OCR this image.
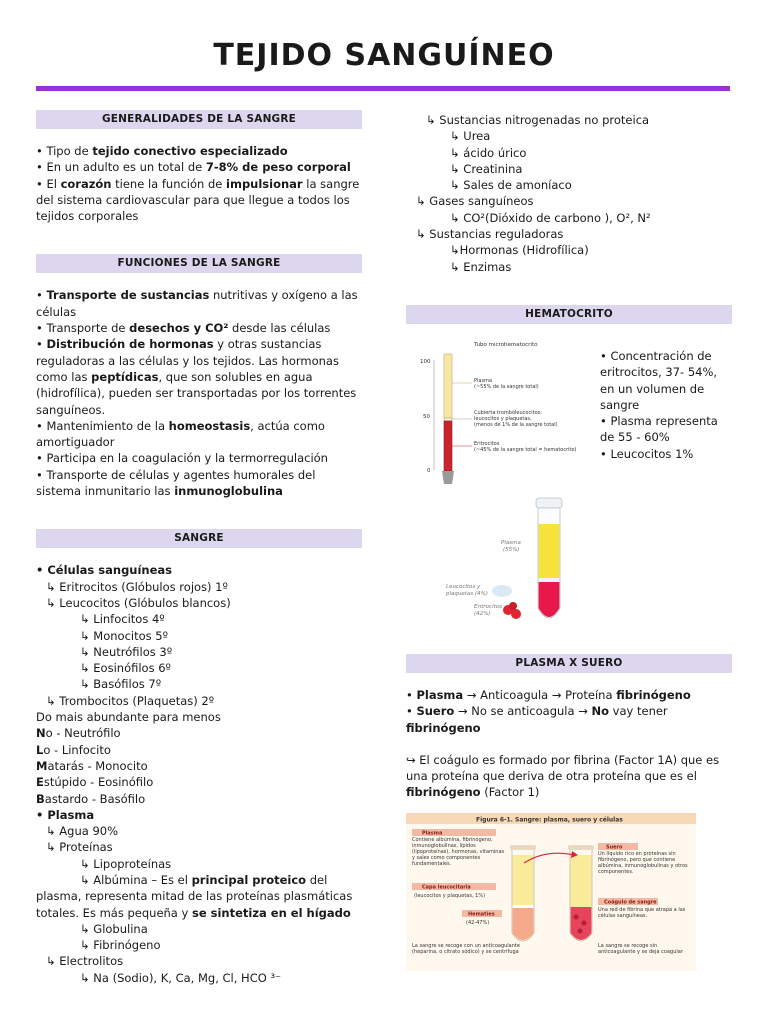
TEJIDO SANGUÍNEO
GENERALIDADES DE LA SANGRE
• Tipo de tejido conectivo especializado
• En un adulto es un total de 7-8% de peso corporal
• El corazón tiene la función de impulsionar la sangre del sistema cardiovascular para que llegue a todos los tejidos corporales
FUNCIONES DE LA SANGRE
• Transporte de sustancias nutritivas y oxígeno a las células
• Transporte de desechos y CO² desde las células
• Distribución de hormonas y otras sustancias reguladoras a las células y los tejidos. Las hormonas como las peptídicas, que son solubles en agua (hidrofílica), pueden ser transportadas por los torrentes sanguíneos.
• Mantenimiento de la homeostasis, actúa como amortiguador
• Participa en la coagulación y la termorregulación
• Transporte de células y agentes humorales del sistema inmunitario las inmunoglobulina
SANGRE
• Células sanguíneas
↳ Eritrocitos (Glóbulos rojos) 1º
↳ Leucocitos (Glóbulos blancos)
↳ Linfocitos 4º
↳ Monocitos 5º
↳ Neutrófilos 3º
↳ Eosinófilos 6º
↳ Basófilos 7º
↳ Trombocitos (Plaquetas) 2º
Do mais abundante para menos
No - Neutrófilo
Lo - Linfocito
Matarás - Monocito
Estúpido - Eosinófilo
Bastardo - Basófilo
• Plasma
↳ Agua 90%
↳ Proteínas
↳ Lipoproteínas
↳ Albúmina – Es el principal proteico del plasma, representa mitad de las proteínas plasmáticas totales. Es más pequeña y se sintetiza en el hígado
↳ Globulina
↳ Fibrinógeno
↳ Electrolitos
↳ Na (Sodio), K, Ca, Mg, Cl, HCO ³⁻
↳ Sustancias nitrogenadas no proteica
↳ Urea
↳ ácido úrico
↳ Creatinina
↳ Sales de amoníaco
↳ Gases sanguíneos
↳ CO²(Dióxido de carbono ), O², N²
↳ Sustancias reguladoras
↳Hormonas (Hidrofílica)
↳ Enzimas
HEMATOCRITO
Tubo microhematocrito
100
50
0
Plasma
(~55% de la sangre total)
Cubierta trombóleucocitos:
leucocitos y plaquetas,
(menos de 1% de la sangre total)
Eritrocitos
(~45% de la sangre total = hematocrito)
• Concentración de eritrocitos, 37- 54%, en un volumen de sangre
• Plasma representa de 55 - 60%
• Leucocitos 1%
Plasma
(55%)
Leucocitos y
plaquetas (4%)
Eritrocitos
(42%)
PLASMA X SUERO
• Plasma → Anticoagula → Proteína fibrinógeno
• Suero → No se anticoagula → No vay tener fibrinógeno
↪ El coágulo es formado por fibrina (Factor 1A) que es una proteína que deriva de otra proteína que es el fibrinógeno (Factor 1)
Figura 6-1. Sangre: plasma, suero y células
Plasma
Contiene albúmina, fibrinógeno, inmunoglobulinas, lípidos (lipoproteínas), hormonas, vitaminas y sales como componentes fundamentales.
Capa leucocitaria
(leucocitos y plaquetas, 1%)
Hematíes
(42-47%)
La sangre se recoge con un anticoagulante (heparina, o citrato sódico) y se centrifuga
Suero
Un líquido rico en proteínas sin fibrinógeno, pero que contiene albúmina, inmunoglobulinas y otros componentes.
Coágulo de sangre
Una red de fibrina que atrapa a las células sanguíneas.
La sangre se recoge sin anticoagulante y se deja coagular
